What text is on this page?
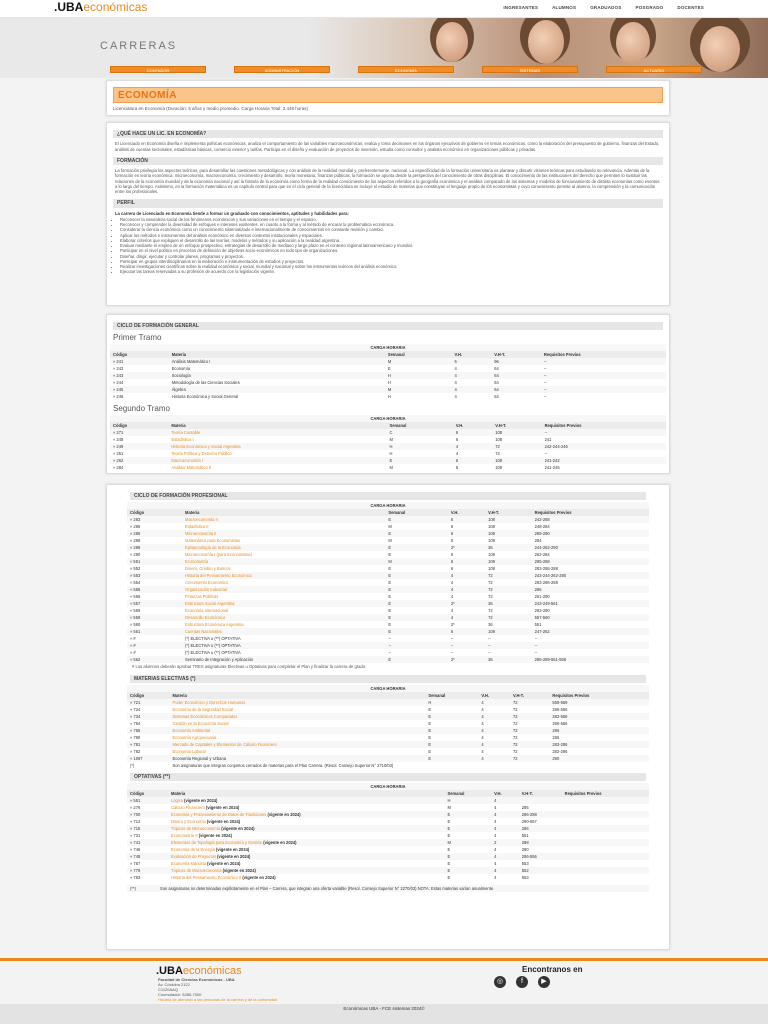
.UBAeconómicas	INGRESANTES	ALUMNOS	GRADUADOS	POSGRADO	DOCENTES
CARRERAS
CONTADOR	ADMINISTRACIÓN	ECONOMÍA	SISTEMAS	ACTUARIO
ECONOMÍA
Licenciatura en Economía (Duración: 5 años y medio promedio. Carga Horaria Total: 2.448 horas)
¿QUÉ HACE UN LIC. EN ECONOMÍA?
El Licenciado en Economía diseña e implementa políticas económicas, analiza el comportamiento de las variables macroeconómicas, evalúa y toma decisiones en los órganos ejecutivos de gobierno en temas económicos, como la elaboración del presupuesto de gobierno, finanzas del Estado, análisis de cuentas sectoriales, estadísticas básicas, comercio exterior y tarifas. Participa en el diseño y evaluación de proyectos de inversión, estudia como consultor y analista económico en organizaciones públicas y privadas.
FORMACIÓN
La formación privilegia los aspectos teóricos, para desarrollar las cuestiones metodológicas y con análisis de la realidad mundial y, preferentemente, nacional. La especificidad de la formación universitaria es plantear y discutir visiones teóricas para estudiando su relevancia. Además de la formación en teoría económica: microeconomía, macroeconomía, crecimiento y desarrollo, teoría monetaria, finanzas públicas, la formación se apunta desde la perspectiva del conocimiento de otras disciplinas. El conocimiento de las instituciones del derecho que permiten lo sustituir las relaciones de la economía mundial y de la economía nacional y así la historia de la economía como forma de la realidad conocimiento de los aspectos referidos a la geografía económica y el análisis comparado de los sistemas y modelos de funcionamiento de distinta economías como eventos a lo largo del tiempo. Asimismo, en la formación matemática es un capítulo central para que en el ciclo general de la licenciatura se incluye el estudio de materias que constituyan el lenguaje propio de los economistas y cuyo conocimiento permite al alumno, la comprensión y la comunicación entre los profesionales.
PERFIL
La carrera de Licenciado en Economía tiende a formar un graduado con conocimientos, aptitudes y habilidades para:
• Reconocer la naturaleza social de los fenómenos económicos y sus variaciones en el tiempo y el espacio.
• Reconocer y comprender la diversidad de enfoques e intereses existentes, en cuanto a la forma y al método de encarar la problemática económica.
• Considerar la ciencia económica como un conocimiento sistematizado e internacionalmente de conocimientos en constante revisión y cambio.
• Aplicar los métodos e instrumentos del análisis económico en diversos contextos institucionales y espaciales.
• Elaborar criterios que expliquen el desarrollo de las teorías, modelos y métodos y su aplicación a la realidad argentina.
• Evaluar mediante el empleo de un enfoque prospectivo, estrategias de desarrollo de mediano y largo plazo en el contexto regional latinoamericano y mundial.
• Participar en el nivel político en procesos de definición de objetivos socio-económicos en todo tipo de organizaciones.
• Diseñar, dirigir, ejecutar y controlar planes, programas y proyectos.
• Participar en grupos interdisciplinarios en la elaboración e instrumentación de estudios y proyectos.
• Realizar investigaciones científicas sobre la realidad económica y social, mundial y nacional y sobre los instrumentos teóricos del análisis económico.
• Ejecutar las tareas reservadas a su profesión de acuerdo con la legislación vigente.
CICLO DE FORMACIÓN GENERAL
Primer Tramo
CARGA HORARIA					
Código	Materia	Semanal	V.H.	V.H-T.	Requisitos Previos
» 241	Análisis Matemático I	M	6	96	--
» 242	Economía	E	4	64	--
» 243	Sociología	H	4	64	--
» 244	Metodología de las Ciencias Sociales	H	4	64	--
» 245	Álgebra	M	4	64	--
» 246	Historia Económica y Social General	H	4	64	--
Segundo Tramo
CARGA HORARIA					
Código	Materia	Semanal	V.H.	V.H-T.	Requisitos Previos
» 271	Teoría Contable	C	6	108	--
» 248	Estadística I	M	6	108	241
» 249	Historia Económica y Social Argentina	H	4	72	242-244-246
» 251	Teoría Política y Derecho Público	H	4	72	--
» 262	Macroeconomía I	E	6	108	241-242
» 284	Análisis Matemático II	M	6	108	241-245
CICLO DE FORMACIÓN PROFESIONAL
CARGA HORARIA					
Código	Materia	Semanal	V.H.	V.H-T.	Requisitos Previos
» 283	Macroeconomía II	E	6	108	242-288
» 285	Estadística II	M	6	108	248-284
» 286	Microeconomía II	E	6	108	288-290
» 288	Matemática para Economistas	M	6	108	284
» 289	Epistemología de la Economía	E	2*	36	244-262-290
» 290	Microeconomía I (para Economistas)	E	6	108	262-284
» 551	Econometría	M	6	108	285-288
» 552	Dinero, Crédito y Bancos	E	6	108	283-286-288
» 553	Historia del Pensamiento Económico	E	4	72	243-244-262-290
» 554	Crecimiento Económico	E	4	72	283-286-288
» 555	Organización Industrial	E	4	72	286
» 556	Finanzas Públicas	E	4	72	251-290
» 557	Estructura Social Argentina	E	2*	36	243-249-561
» 559	Economía Internacional	E	4	72	283-290
» 559	Desarrollo Económico	E	4	72	557-560
» 560	Estructura Económica Argentina	E	2*	36	551
» 561	Cuentas Nacionales	E	6	108	247-262
» #	(*) ELECTIVA u (**) OPTATIVA	--	--	--	--
» #	(*) ELECTIVA u (**) OPTATIVA	--	--	--	--
» #	(*) ELECTIVA u (**) OPTATIVA	--	--	--	--
» 562	Seminario de Integración y Aplicación	E	2*	36	286-289-551-558
# Los alumnos deberán aprobar TRES asignaturas Electivas u Optativas para completar el Plan y finalizar la carrera de grado.
MATERIAS ELECTIVAS (*)
CARGA HORARIA					
Código	Materia	Semanal	V.H.	V.H-T.	Requisitos Previos
» 721	Poder Económico y Derechos Humanos	H	4	72	558-559
» 724	Economía de la Seguridad Social	E	4	72	286-556
» 734	Sistemas Económicos Comparados	E	4	72	282-558
» 764	Gestión en la Economía Social	E	4	72	286-556
» 765	Economía Ambiental	E	4	72	286
» 780	Economía Agropecuaria	E	4	72	286
» 781	Mercado de Capitales y Elementos de Cálculo Financiero	E	4	72	283-286
» 782	Economía Laboral	E	4	72	282-286
» 1087	Economía Regional y Urbana	E	4	72	290
(*)	Son asignaturas que integran conjuntos cerrados de materias para el Plan Carrera. (Resol. Consejo Superior N° 2710/03)				
OPTATIVAS (**)
CARGA HORARIA					
Código	Materia	Semanal	V.H.	V.H-T.	Requisitos Previos
» 551	Lógica (vigente en 2024)	H	4		
» 276	Cálculo Financiero (vigente en 2024)	M	4	285	
» 700	Economía y Procesamiento de Datos de Tradiciones (vigente en 2024)	E	4	286-288	
» 712	Dinero y Economía (vigente en 2024)	E	4	290-557	
» 715	Tópicos de Microeconomía (vigente en 2024)	E	4	286	
» 731	Econometría II (vigente en 2024)	E	4	551	
» 741	Elementos de Topología para Economía y Gestión (vigente en 2024)	M	2	288	
» 746	Economía de la Energía (vigente en 2024)	E	4	290	
» 748	Evaluación de Proyectos (vigente en 2024)	E	4	286-556	
» 767	Economía Marxista (vigente en 2024)	E	4	553	
» 779	Tópicos de Macroeconomía (vigente en 2024)	E	4	552	
» 783	Historia del Pensamiento Económico II (vigente en 2024)	E	4	553	
(**)	Son asignaturas no determinadas explícitamente en el Plan – Carrera, que integran una oferta variable (Resol. Consejo Superior N° 2270/03) NOTA: Estas materias varían anualmente.
.UBAeconómicas
Facultad de Ciencias Económicas - UBA
Av. Córdoba 2122
C1120AAQ
Conmutador: 5285-7000
Horario de atención a las personas de la carrera y de la comunidad
Encontranos en
◎	f	▶
Económicas UBA - FCE sistemas 2024©
